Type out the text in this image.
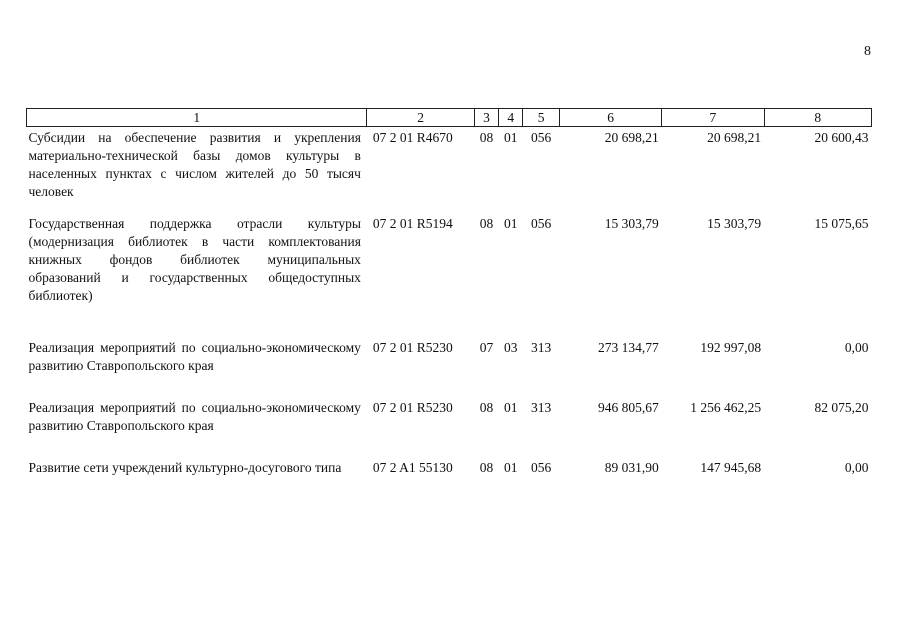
8
1	2	3	4	5	6	7	8
Субсидии на обеспечение развития и укрепления материально-технической базы домов культуры в населенных пунктах с числом жителей до 50 тысяч человек	07 2 01 R4670	08	01	056	20 698,21	20 698,21	20 600,43
Государственная поддержка отрасли культуры (модернизация библиотек в части комплектования книжных фондов библиотек муниципальных образований и государственных общедоступных библиотек)	07 2 01 R5194	08	01	056	15 303,79	15 303,79	15 075,65
Реализация мероприятий по социально-экономическому развитию Ставропольского края	07 2 01 R5230	07	03	313	273 134,77	192 997,08	0,00
Реализация мероприятий по социально-экономическому развитию Ставропольского края	07 2 01 R5230	08	01	313	946 805,67	1 256 462,25	82 075,20
Развитие сети учреждений культурно-досугового типа	07 2 A1 55130	08	01	056	89 031,90	147 945,68	0,00
